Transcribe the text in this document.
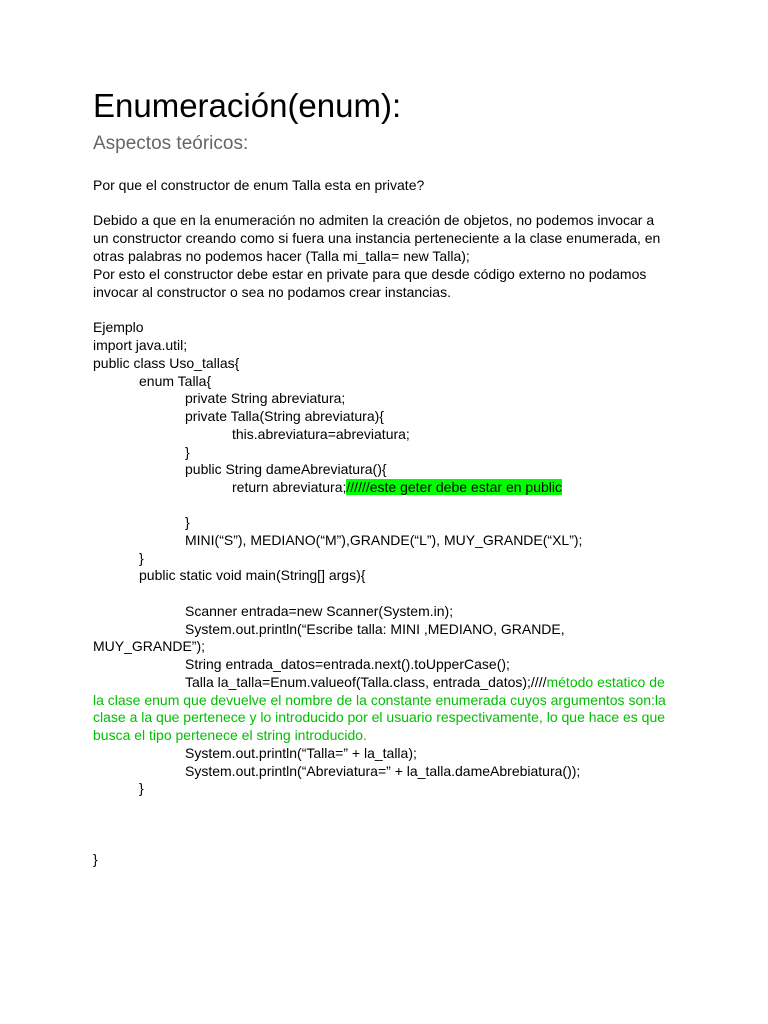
Enumeración(enum):
Aspectos teóricos:
Por que el constructor de enum Talla esta en private?
Debido a que en la enumeración no admiten la creación de objetos, no podemos invocar a
un constructor creando como si fuera una instancia perteneciente a la clase enumerada, en
otras palabras no podemos hacer (Talla mi_talla= new Talla);
Por esto el constructor debe estar en private para que desde código externo no podamos
invocar al constructor o sea no podamos crear instancias.
Ejemplo
import java.util;
public class Uso_tallas{
enum Talla{
private String abreviatura;
private Talla(String abreviatura){
this.abreviatura=abreviatura;
}
public String dameAbreviatura(){
return abreviatura;//////este geter debe estar en public
}
MINI(“S”), MEDIANO(“M”),GRANDE(“L”), MUY_GRANDE(“XL”);
}
public static void main(String[] args){
Scanner entrada=new Scanner(System.in);
System.out.println(“Escribe talla: MINI ,MEDIANO, GRANDE,
MUY_GRANDE”);
String entrada_datos=entrada.next().toUpperCase();
Talla la_talla=Enum.valueof(Talla.class, entrada_datos);////método estatico de
la clase enum que devuelve el nombre de la constante enumerada cuyos argumentos son:la
clase a la que pertenece y lo introducido por el usuario respectivamente, lo que hace es que
busca el tipo pertenece el string introducido.
System.out.println(“Talla=” + la_talla);
System.out.println(“Abreviatura=” + la_talla.dameAbrebiatura());
}
}
